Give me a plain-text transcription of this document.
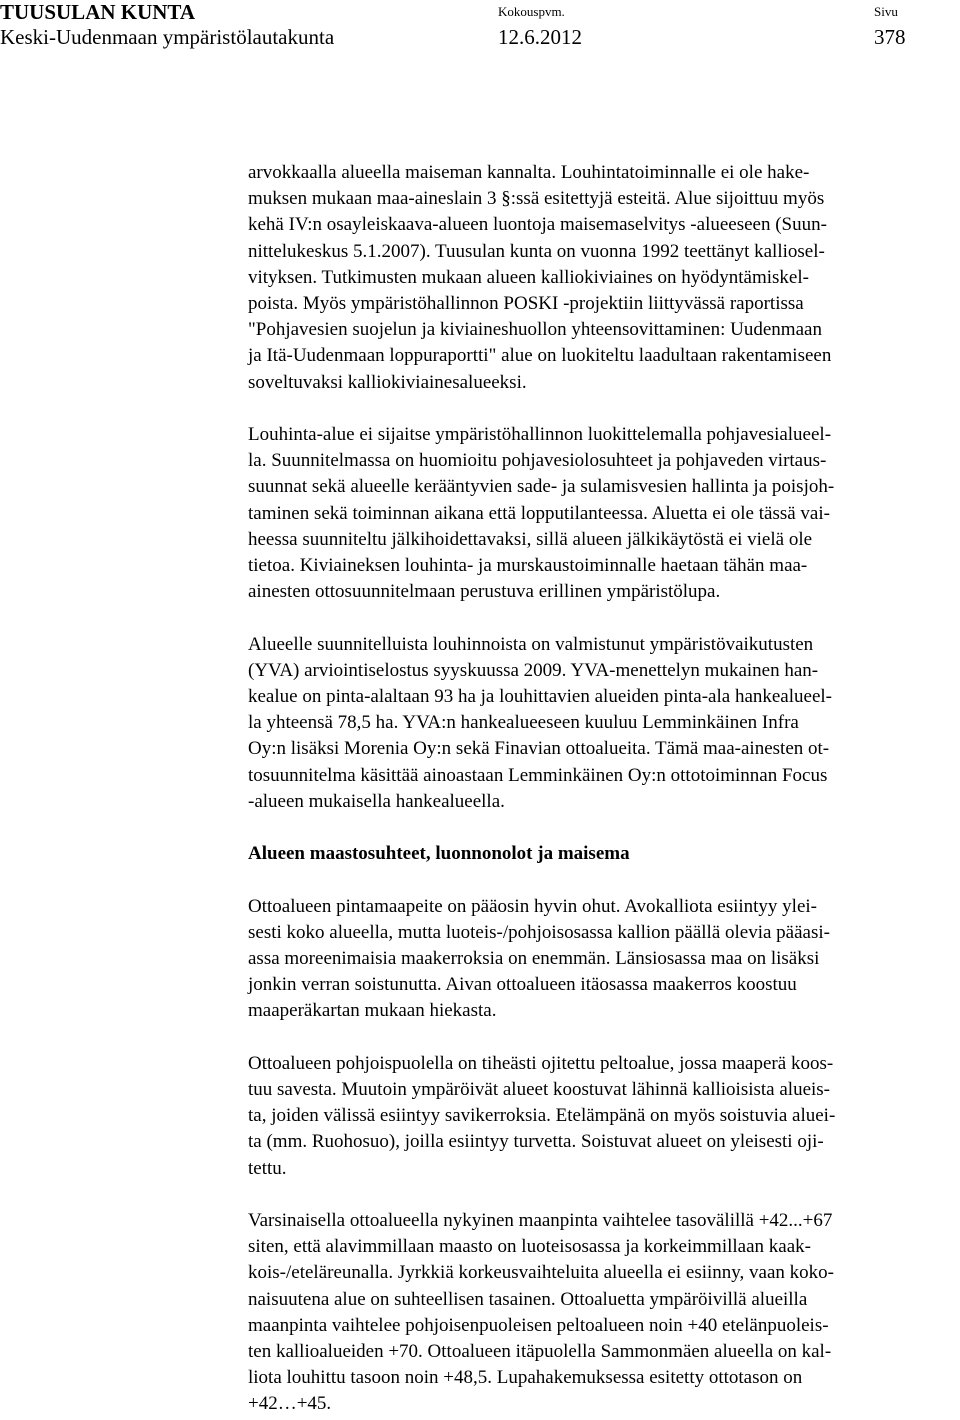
TUUSULAN KUNTA
Keski-Uudenmaan ympäristölautakunta
Kokouspvm.
12.6.2012
Sivu
378

arvokkaalla alueella maiseman kannalta. Louhintatoiminnalle ei ole hake-
muksen mukaan maa-aineslain 3 §:ssä esitettyjä esteitä. Alue sijoittuu myös
kehä IV:n osayleiskaava-alueen luontoja maisemaselvitys -alueeseen (Suun-
nittelukeskus 5.1.2007). Tuusulan kunta on vuonna 1992 teettänyt kalliosel-
vityksen. Tutkimusten mukaan alueen kalliokiviaines on hyödyntämiskel-
poista. Myös ympäristöhallinnon POSKI -projektiin liittyvässä raportissa
"Pohjavesien suojelun ja kiviaineshuollon yhteensovittaminen: Uudenmaan
ja Itä-Uudenmaan loppuraportti" alue on luokiteltu laadultaan rakentamiseen
soveltuvaksi kalliokiviainesalueeksi.

Louhinta-alue ei sijaitse ympäristöhallinnon luokittelemalla pohjavesialueel-
la. Suunnitelmassa on huomioitu pohjavesiolosuhteet ja pohjaveden virtaus-
suunnat sekä alueelle kerääntyvien sade- ja sulamisvesien hallinta ja poisjoh-
taminen sekä toiminnan aikana että lopputilanteessa. Aluetta ei ole tässä vai-
heessa suunniteltu jälkihoidettavaksi, sillä alueen jälkikäytöstä ei vielä ole
tietoa. Kiviaineksen louhinta- ja murskaustoiminnalle haetaan tähän maa-
ainesten ottosuunnitelmaan perustuva erillinen ympäristölupa.

Alueelle suunnitelluista louhinnoista on valmistunut ympäristövaikutusten
(YVA) arviointiselostus syyskuussa 2009. YVA-menettelyn mukainen han-
kealue on pinta-alaltaan 93 ha ja louhittavien alueiden pinta-ala hankealueel-
la yhteensä 78,5 ha. YVA:n hankealueeseen kuuluu Lemminkäinen Infra
Oy:n lisäksi Morenia Oy:n sekä Finavian ottoalueita. Tämä maa-ainesten ot-
tosuunnitelma käsittää ainoastaan Lemminkäinen Oy:n ottotoiminnan Focus
-alueen mukaisella hankealueella.

Alueen maastosuhteet, luonnonolot ja maisema

Ottoalueen pintamaapeite on pääosin hyvin ohut. Avokalliota esiintyy ylei-
sesti koko alueella, mutta luoteis-/pohjoisosassa kallion päällä olevia pääasi-
assa moreenimaisia maakerroksia on enemmän. Länsiosassa maa on lisäksi
jonkin verran soistunutta. Aivan ottoalueen itäosassa maakerros koostuu
maaperäkartan mukaan hiekasta.

Ottoalueen pohjoispuolella on tiheästi ojitettu peltoalue, jossa maaperä koos-
tuu savesta. Muutoin ympäröivät alueet koostuvat lähinnä kallioisista alueis-
ta, joiden välissä esiintyy savikerroksia. Etelämpänä on myös soistuvia aluei-
ta (mm. Ruohosuo), joilla esiintyy turvetta. Soistuvat alueet on yleisesti oji-
tettu.

Varsinaisella ottoalueella nykyinen maanpinta vaihtelee tasovälillä +42...+67
siten, että alavimmillaan maasto on luoteisosassa ja korkeimmillaan kaak-
kois-/eteläreunalla. Jyrkkiä korkeusvaihteluita alueella ei esiinny, vaan koko-
naisuutena alue on suhteellisen tasainen. Ottoaluetta ympäröivillä alueilla
maanpinta vaihtelee pohjoisenpuoleisen peltoalueen noin +40 etelänpuoleis-
ten kallioalueiden +70. Ottoalueen itäpuolella Sammonmäen alueella on kal-
liota louhittu tasoon noin +48,5. Lupahakemuksessa esitetty ottotason on
+42…+45.
